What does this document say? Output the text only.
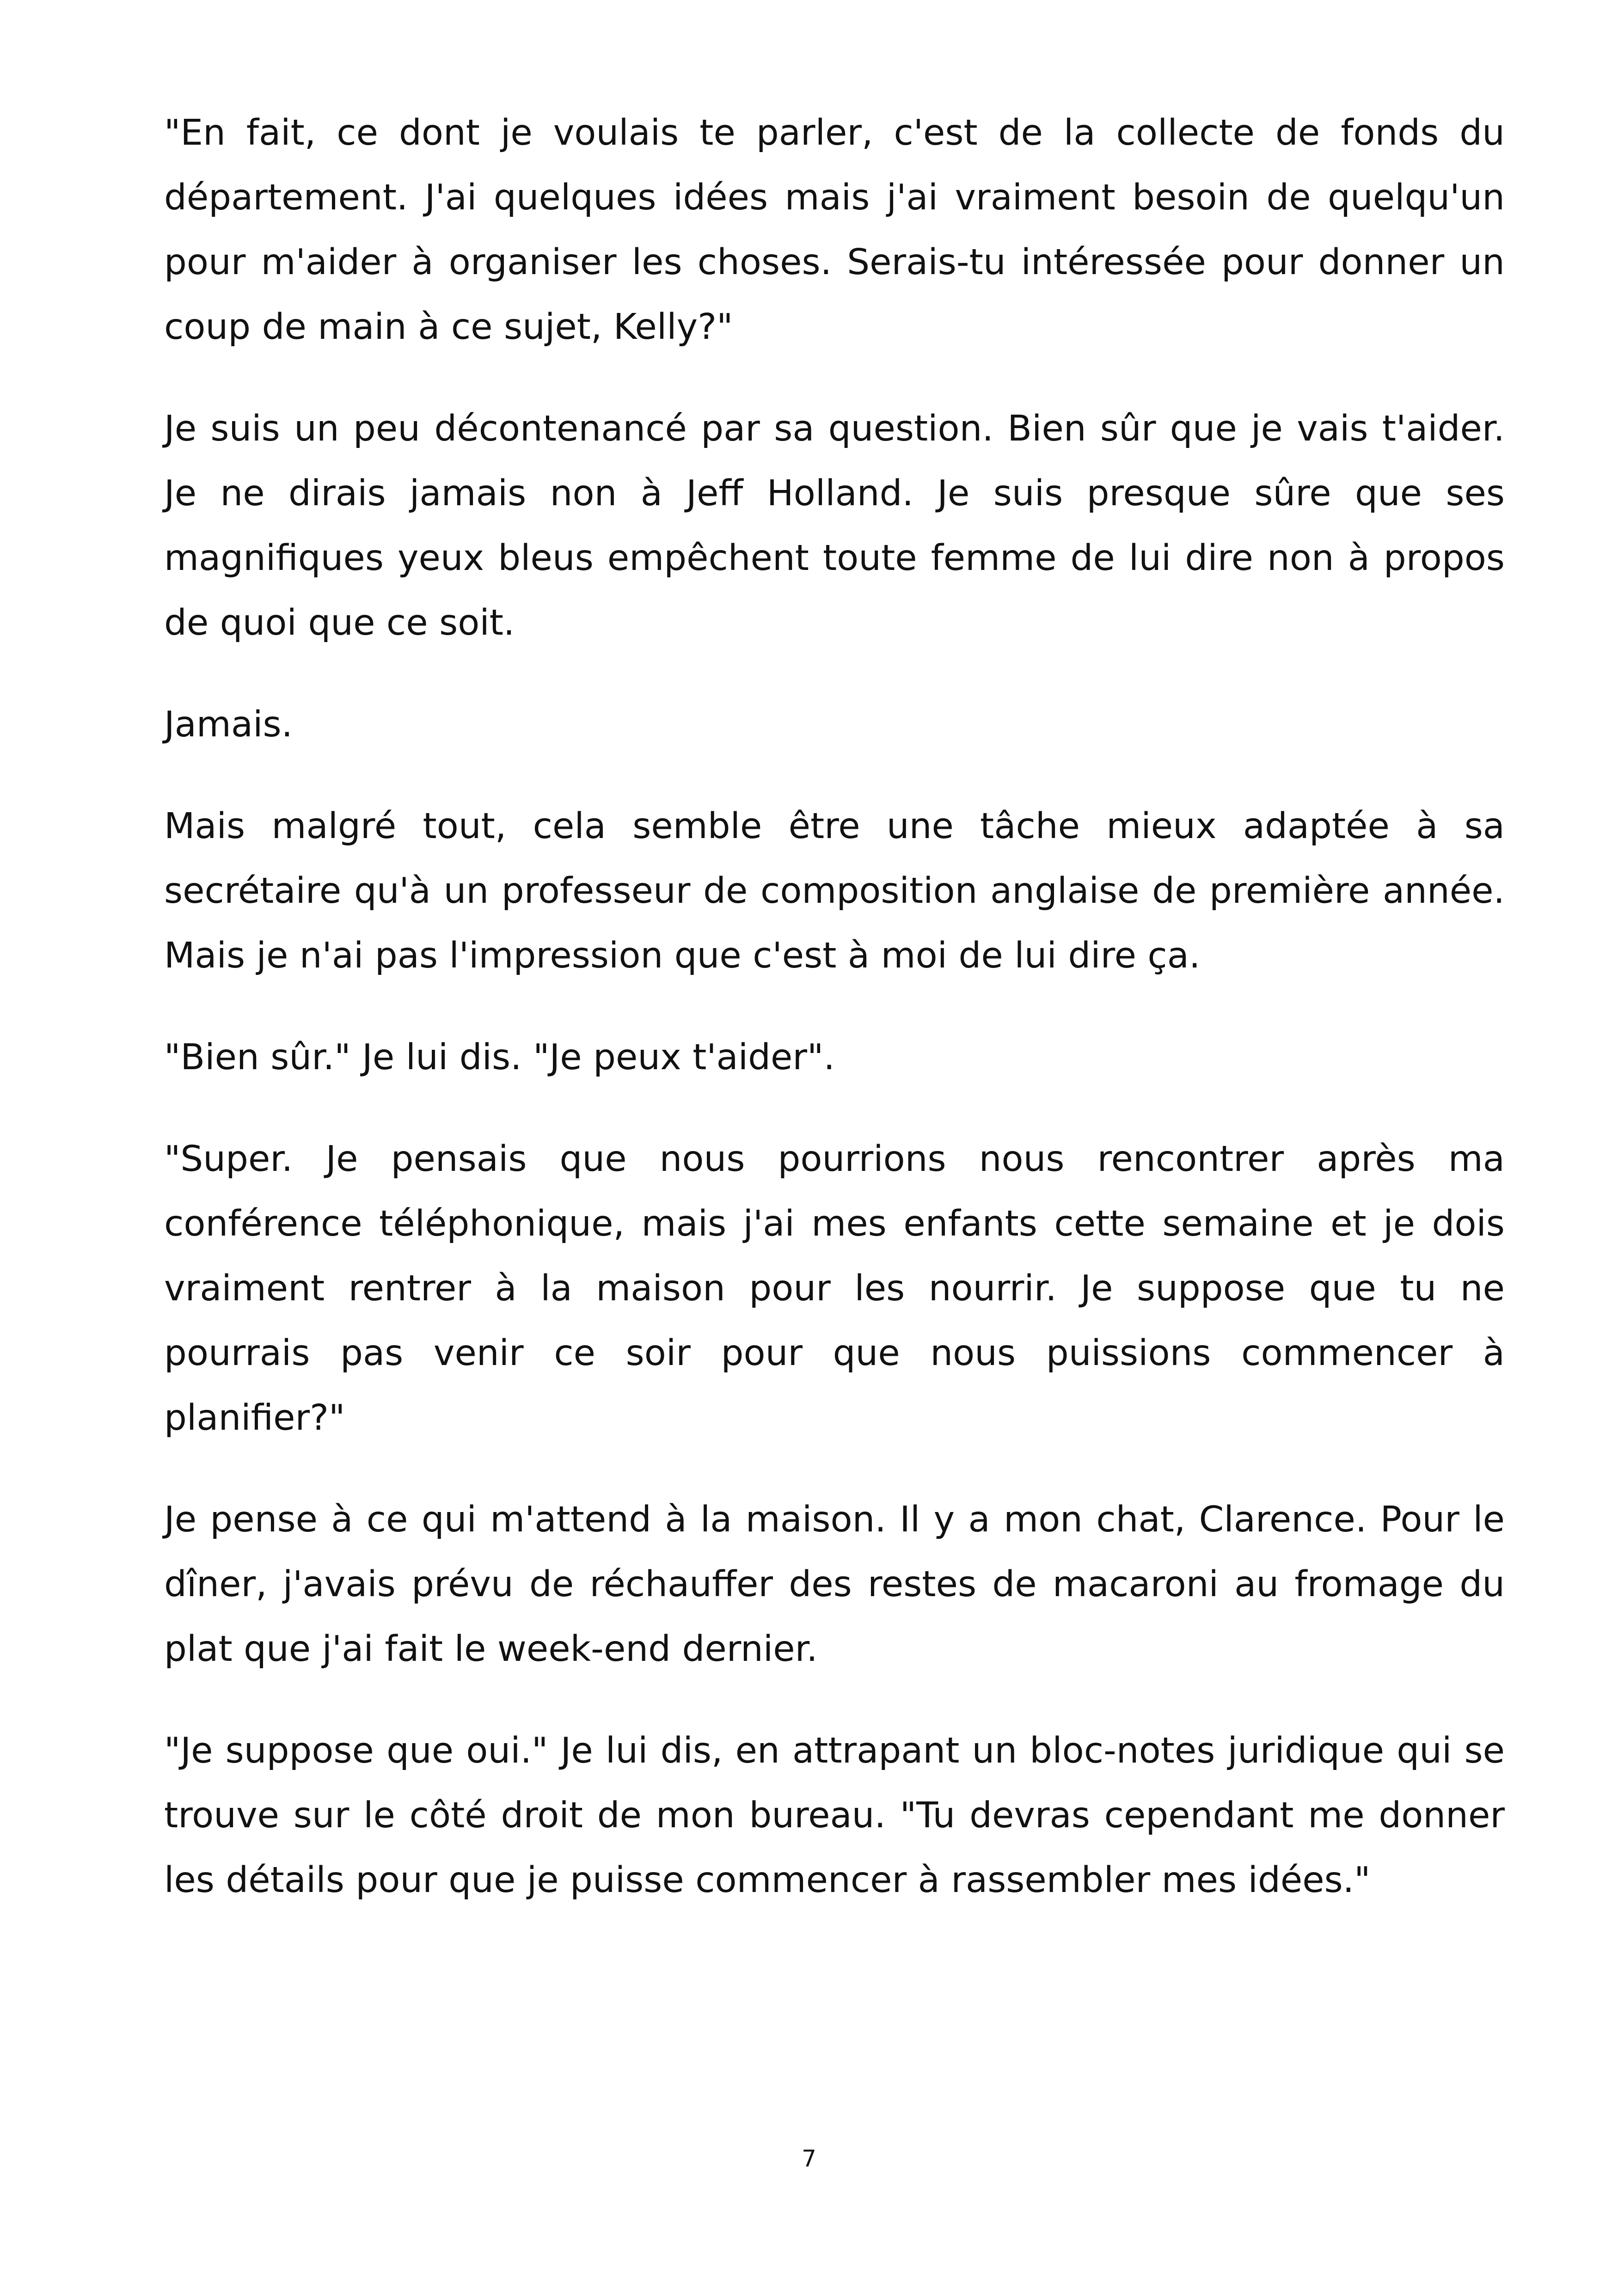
"En fait, ce dont je voulais te parler, c'est de la collecte de fonds du département. J'ai quelques idées mais j'ai vraiment besoin de quelqu'un pour m'aider à organiser les choses. Serais-tu intéressée pour donner un coup de main à ce sujet, Kelly?"

Je suis un peu décontenancé par sa question. Bien sûr que je vais t'aider. Je ne dirais jamais non à Jeff Holland. Je suis presque sûre que ses magnifiques yeux bleus empêchent toute femme de lui dire non à propos de quoi que ce soit.

Jamais.

Mais malgré tout, cela semble être une tâche mieux adaptée à sa secrétaire qu'à un professeur de composition anglaise de première année. Mais je n'ai pas l'impression que c'est à moi de lui dire ça.

"Bien sûr." Je lui dis. "Je peux t'aider".

"Super. Je pensais que nous pourrions nous rencontrer après ma conférence téléphonique, mais j'ai mes enfants cette semaine et je dois vraiment rentrer à la maison pour les nourrir. Je suppose que tu ne pourrais pas venir ce soir pour que nous puissions commencer à planifier?"

Je pense à ce qui m'attend à la maison. Il y a mon chat, Clarence. Pour le dîner, j'avais prévu de réchauffer des restes de macaroni au fromage du plat que j'ai fait le week-end dernier.

"Je suppose que oui." Je lui dis, en attrapant un bloc-notes juridique qui se trouve sur le côté droit de mon bureau. "Tu devras cependant me donner les détails pour que je puisse commencer à rassembler mes idées."

7
